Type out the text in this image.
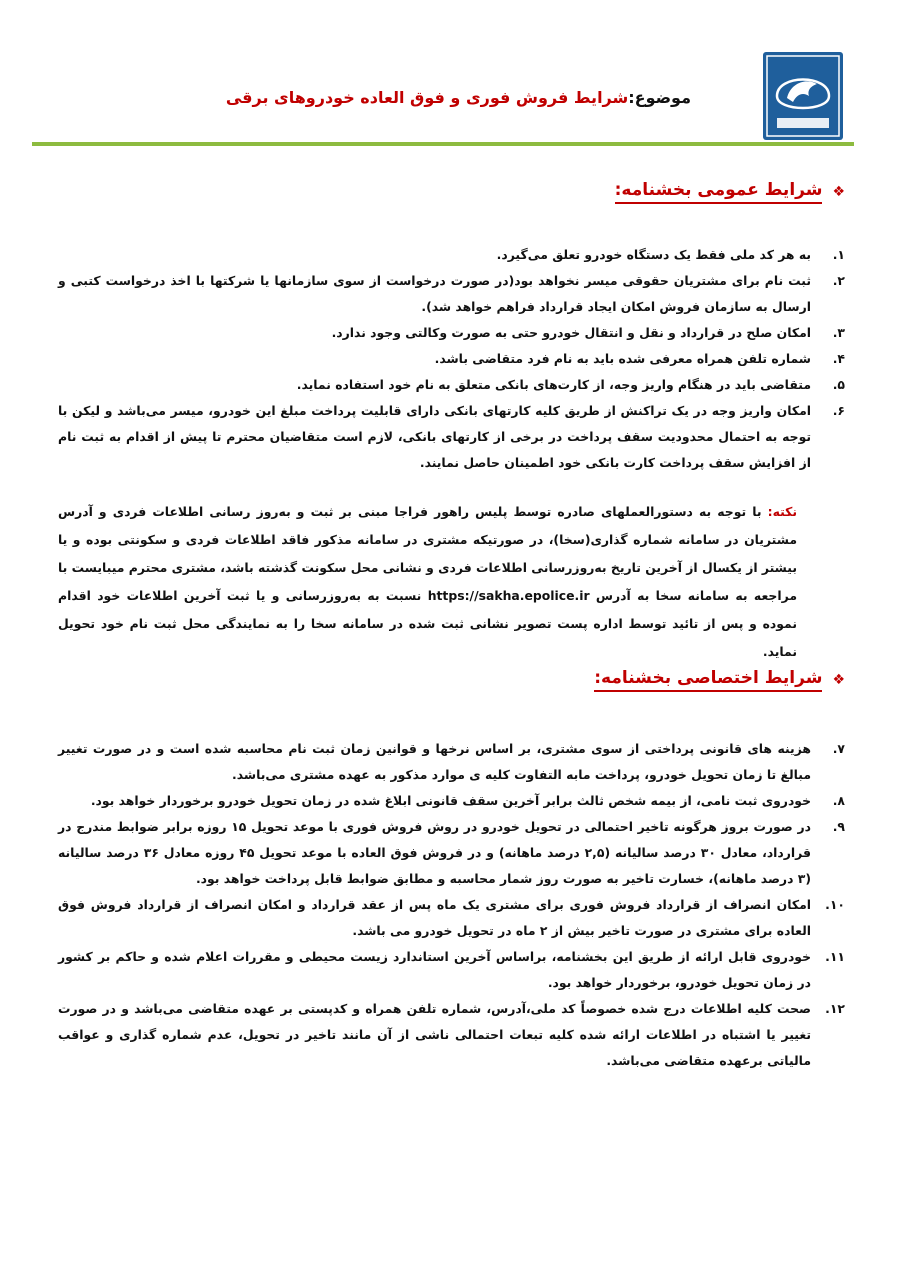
موضوع:شرایط فروش فوری و فوق العاده خودروهای برقی
❖
شرایط عمومی بخشنامه:
۱.
به هر کد ملی فقط یک دستگاه خودرو تعلق می‌گیرد.
۲.
ثبت نام برای مشتریان حقوقی میسر نخواهد بود(در صورت درخواست از سوی سازمانها یا شرکتها با اخذ درخواست کتبی و ارسال به سازمان فروش امکان ایجاد قرارداد فراهم خواهد شد).
۳.
امکان صلح در قرارداد و نقل و انتقال خودرو حتی به صورت وکالتی وجود ندارد.
۴.
شماره تلفن همراه معرفی شده باید به نام فرد متقاضی باشد.
۵.
متقاضی باید در هنگام واریز وجه، از کارت‌های بانکی متعلق به نام خود استفاده نماید.
۶.
امکان واریز وجه در یک تراکنش از طریق کلیه کارتهای بانکی دارای قابلیت پرداخت مبلغ این خودرو، میسر می‌باشد و لیکن با توجه به احتمال محدودیت سقف پرداخت در برخی از کارتهای بانکی، لازم است متقاضیان محترم تا پیش از اقدام به ثبت نام از افزایش سقف پرداخت کارت بانکی خود اطمینان حاصل نمایند.
نکته: با توجه به دستورالعملهای صادره توسط پلیس راهور فراجا مبنی بر ثبت و به‌روز رسانی اطلاعات فردی و آدرس مشتریان در سامانه شماره گذاری(سخا)، در صورتیکه مشتری در سامانه مذکور فاقد اطلاعات فردی و سکونتی بوده و یا بیشتر از یکسال از آخرین تاریخ به‌روزرسانی اطلاعات فردی و نشانی محل سکونت گذشته باشد، مشتری محترم میبایست با مراجعه به سامانه سخا به آدرس https://sakha.epolice.ir نسبت به به‌روزرسانی و یا ثبت آخرین اطلاعات خود اقدام نموده و پس از تائید توسط اداره پست تصویر نشانی ثبت شده در سامانه سخا را به نمایندگی محل ثبت نام خود تحویل نماید.
❖
شرایط اختصاصی بخشنامه:
۷.
هزینه های قانونی پرداختی از سوی مشتری، بر اساس نرخها و قوانین زمان ثبت نام محاسبه شده است و در صورت تغییر مبالغ تا زمان تحویل خودرو، پرداخت مابه التفاوت کلیه ی موارد مذکور به عهده مشتری می‌باشد.
۸.
خودروی ثبت نامی، از بیمه شخص ثالث برابر آخرین سقف قانونی ابلاغ شده در زمان تحویل خودرو برخوردار خواهد بود.
۹.
در صورت بروز هرگونه تاخیر احتمالی در تحویل خودرو در روش فروش فوری با موعد تحویل ۱۵ روزه برابر ضوابط مندرج در قرارداد، معادل ۳۰ درصد سالیانه (۲,۵ درصد ماهانه) و در فروش فوق العاده با موعد تحویل ۴۵ روزه معادل ۳۶ درصد سالیانه (۳ درصد ماهانه)، خسارت تاخیر به صورت روز شمار محاسبه و مطابق ضوابط قابل پرداخت خواهد بود.
۱۰.
امکان انصراف از قرارداد فروش فوری برای مشتری یک ماه پس از عقد قرارداد و امکان انصراف از قرارداد فروش فوق العاده برای مشتری در صورت تاخیر بیش از ۲ ماه در تحویل خودرو می باشد.
۱۱.
خودروی قابل ارائه از طریق این بخشنامه، براساس آخرین استاندارد زیست محیطی و مقررات اعلام شده و حاکم بر کشور در زمان تحویل خودرو، برخوردار خواهد بود.
۱۲.
صحت کلیه اطلاعات درج شده خصوصاً کد ملی،آدرس، شماره تلفن همراه و کدپستی بر عهده متقاضی می‌باشد و در صورت تغییر یا اشتباه در اطلاعات ارائه شده کلیه تبعات احتمالی ناشی از آن مانند تاخیر در تحویل، عدم شماره گذاری و عواقب مالیاتی برعهده متقاضی می‌باشد.
